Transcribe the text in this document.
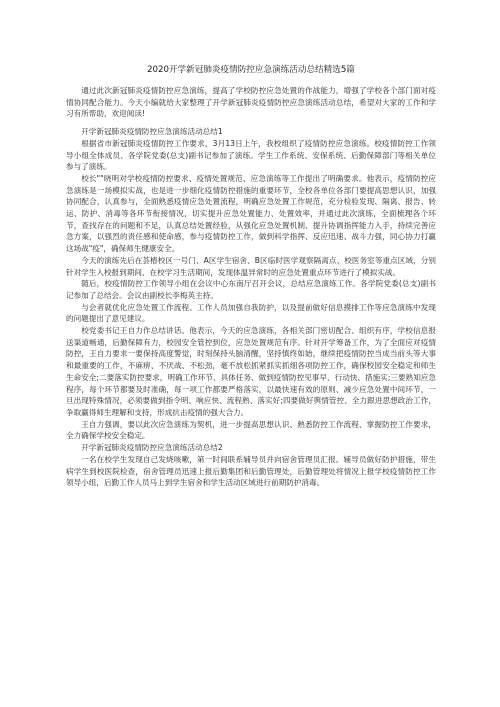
2020开学新冠肺炎疫情防控应急演练活动总结精选5篇

通过此次新冠肺炎疫情防控应急演练，提高了学校防控应急处置的作战能力，增强了学校各个部门面对疫情协同配合能力。今天小编就给大家整理了开学新冠肺炎疫情防控应急演练活动总结，希望对大家的工作和学习有所帮助，欢迎阅读!

开学新冠肺炎疫情防控应急演练活动总结1

根据省市新冠肺炎疫情防控工作要求，3月13日上午，我校组织了疫情防控应急演练。校疫情防控工作领导小组全体成员、各学院党委(总支)副书记参加了演练。学生工作系统、安保系统、后勤保障部门等相关单位参与了演练。

校长""晓明对学校疫情防控要求、疫情处置规范、应急演练等工作提出了明确要求。他表示，疫情防控应急演练是一场模拟实战，也是进一步细化疫情防控措施的重要环节，全校各单位各部门要提高思想认识，加强协同配合，认真参与，全面熟悉疫情应急处置流程，明确应急处置工作规范，充分检验发现、隔离、报告、转运、防护、消毒等各环节衔接情况，切实提升应急处置能力、处置效率，并通过此次演练，全面梳理各个环节，查找存在的问题和不足，认真总结处置经验，从强化应急处置机制、提升协调指挥能力入手，持续完善应急方案，以强烈的责任感和使命感，参与疫情防控工作，做到科学指挥、反应迅速、战斗力强，同心协力打赢这场战"疫"，确保师生健康安全。

今天的演练先后在荟椿校区一号门、A区学生宿舍、B区临时医学观察隔离点、校医务室等重点区域，分别针对学生入校报到期间、在校学习生活期间，发现体温异常时的应急处置重点环节进行了模拟实战。

随后，校疫情防控工作领导小组在会议中心东南厅召开会议，总结应急演练工作。各学院党委(总支)副书记参加了总结会。会议由副校长李梅英主持。

与会者就优化应急处置工作流程、工作人员加强自我防护，以及提前做好信息摸排工作等应急演练中发现的问题提出了意见建议。

校党委书记王自力作总结讲话。他表示，今天的应急演练，各相关部门密切配合、组织有序，学校信息报送渠道畅通，后勤保障有力，校园安全管控到位，应急处置规范有序。针对开学筹备工作，为了全面应对疫情防控，王自力要求一要保持高度警觉，时刻保持头脑清醒，坚持慎终如始，继续把疫情防控当成当前头等大事和最重要的工作，不麻痹、不厌战、不松劲，毫不放松抓紧抓实抓细各项防控工作，确保校园安全稳定和师生生命安全;二要落实防控要求，明确工作环节、具体任务、做到疫情防控见事早、行动快、措施实;三要熟知应急程序，每个环节都要及时准确，每一项工作都要严格落实，以最快速有效的原则、减少应急处置中间环节，一旦出现特殊情况，必须要做到指令明、响应快、流程熟、落实好;四要做好舆情管控、全力跟进思想政治工作，争取赢得师生理解和支持，形成抗击疫情的强大合力。

王自力强调，要以此次应急演练为契机，进一步提高思想认识、熟悉防控工作流程、掌握防控工作要求，全力确保学校安全稳定。

开学新冠肺炎疫情防控应急演练活动总结2

一名在校学生发现自己发烧咳嗽，第一时间联系辅导员并向宿舍管理员汇报。辅导员做好防护措施，带生病学生到校医院检查，宿舍管理员迅速上报后勤集团和后勤管理处，后勤管理处将情况上报学校疫情防控工作领导小组，后勤工作人员马上到学生宿舍和学生活动区域进行前期防护消毒。
